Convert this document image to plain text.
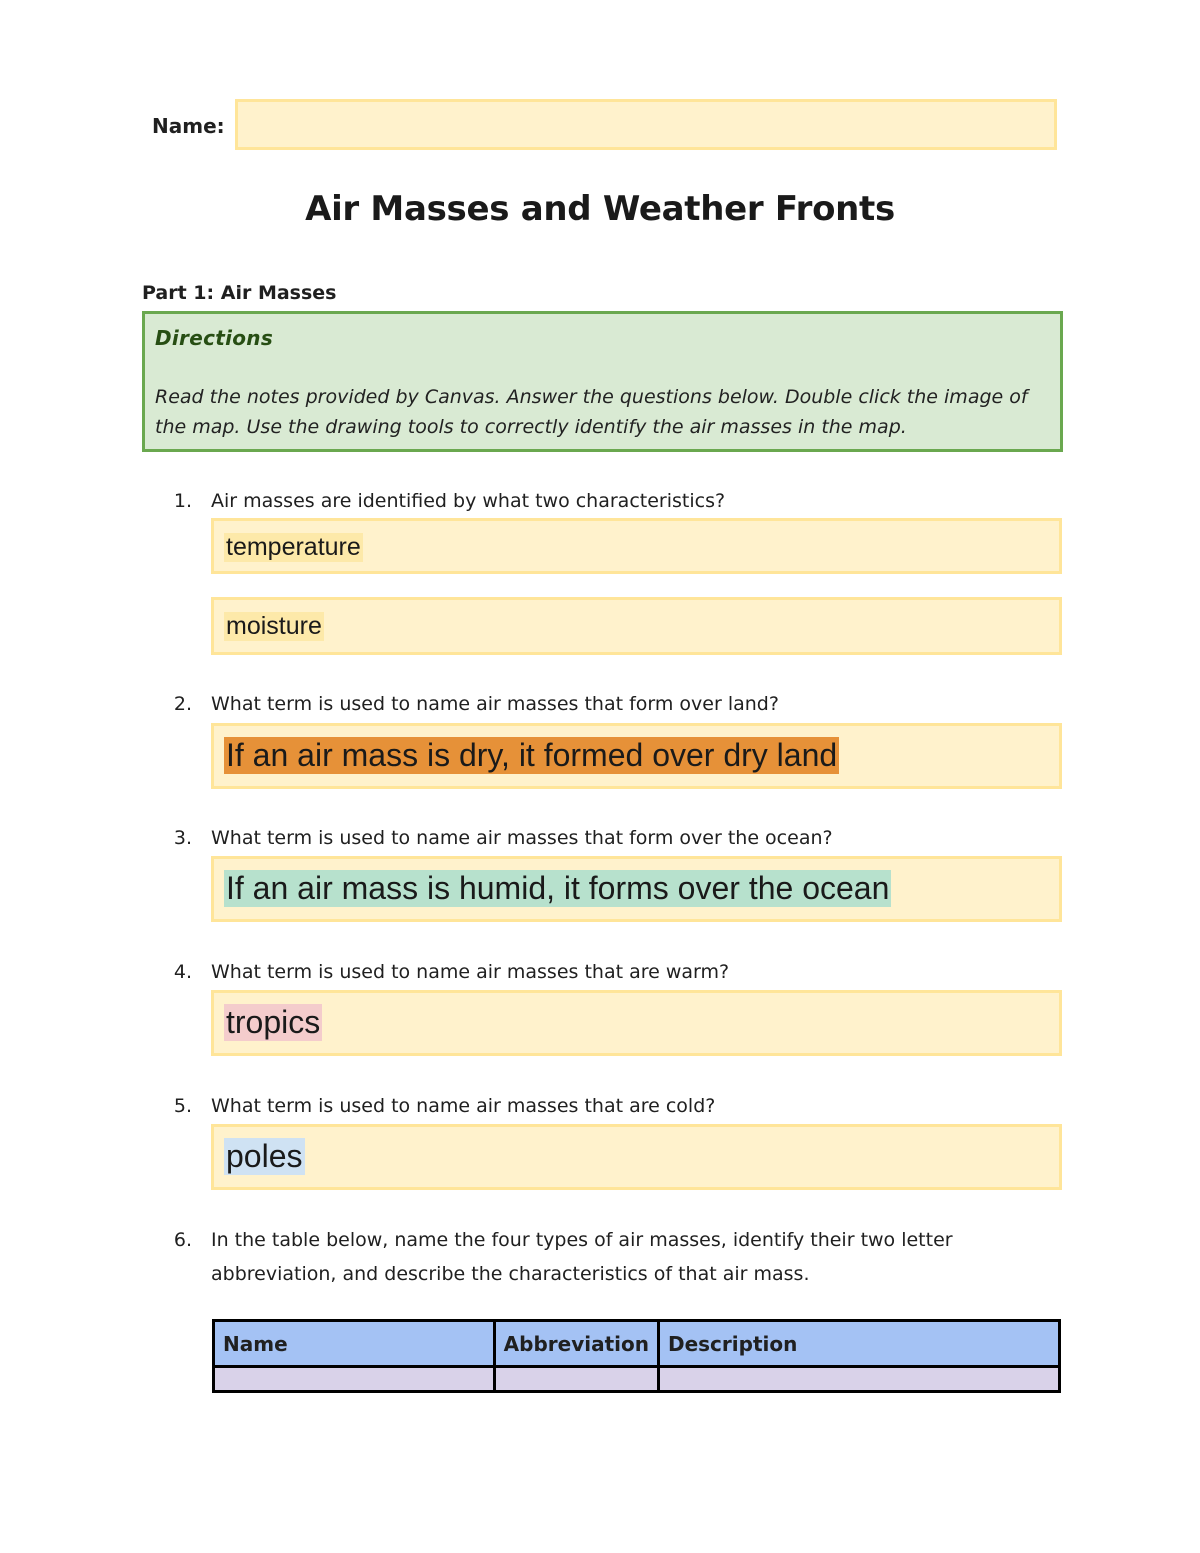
Name:
Air Masses and Weather Fronts
Part 1: Air Masses
Directions
Read the notes provided by Canvas. Answer the questions below. Double click the image of the map. Use the drawing tools to correctly identify the air masses in the map.
1. Air masses are identified by what two characteristics?
temperature
moisture
2. What term is used to name air masses that form over land?
If an air mass is dry, it formed over dry land
3. What term is used to name air masses that form over the ocean?
If an air mass is humid, it forms over the ocean
4. What term is used to name air masses that are warm?
tropics
5. What term is used to name air masses that are cold?
poles
6. In the table below, name the four types of air masses, identify their two letter
abbreviation, and describe the characteristics of that air mass.
Name	Abbreviation	Description
